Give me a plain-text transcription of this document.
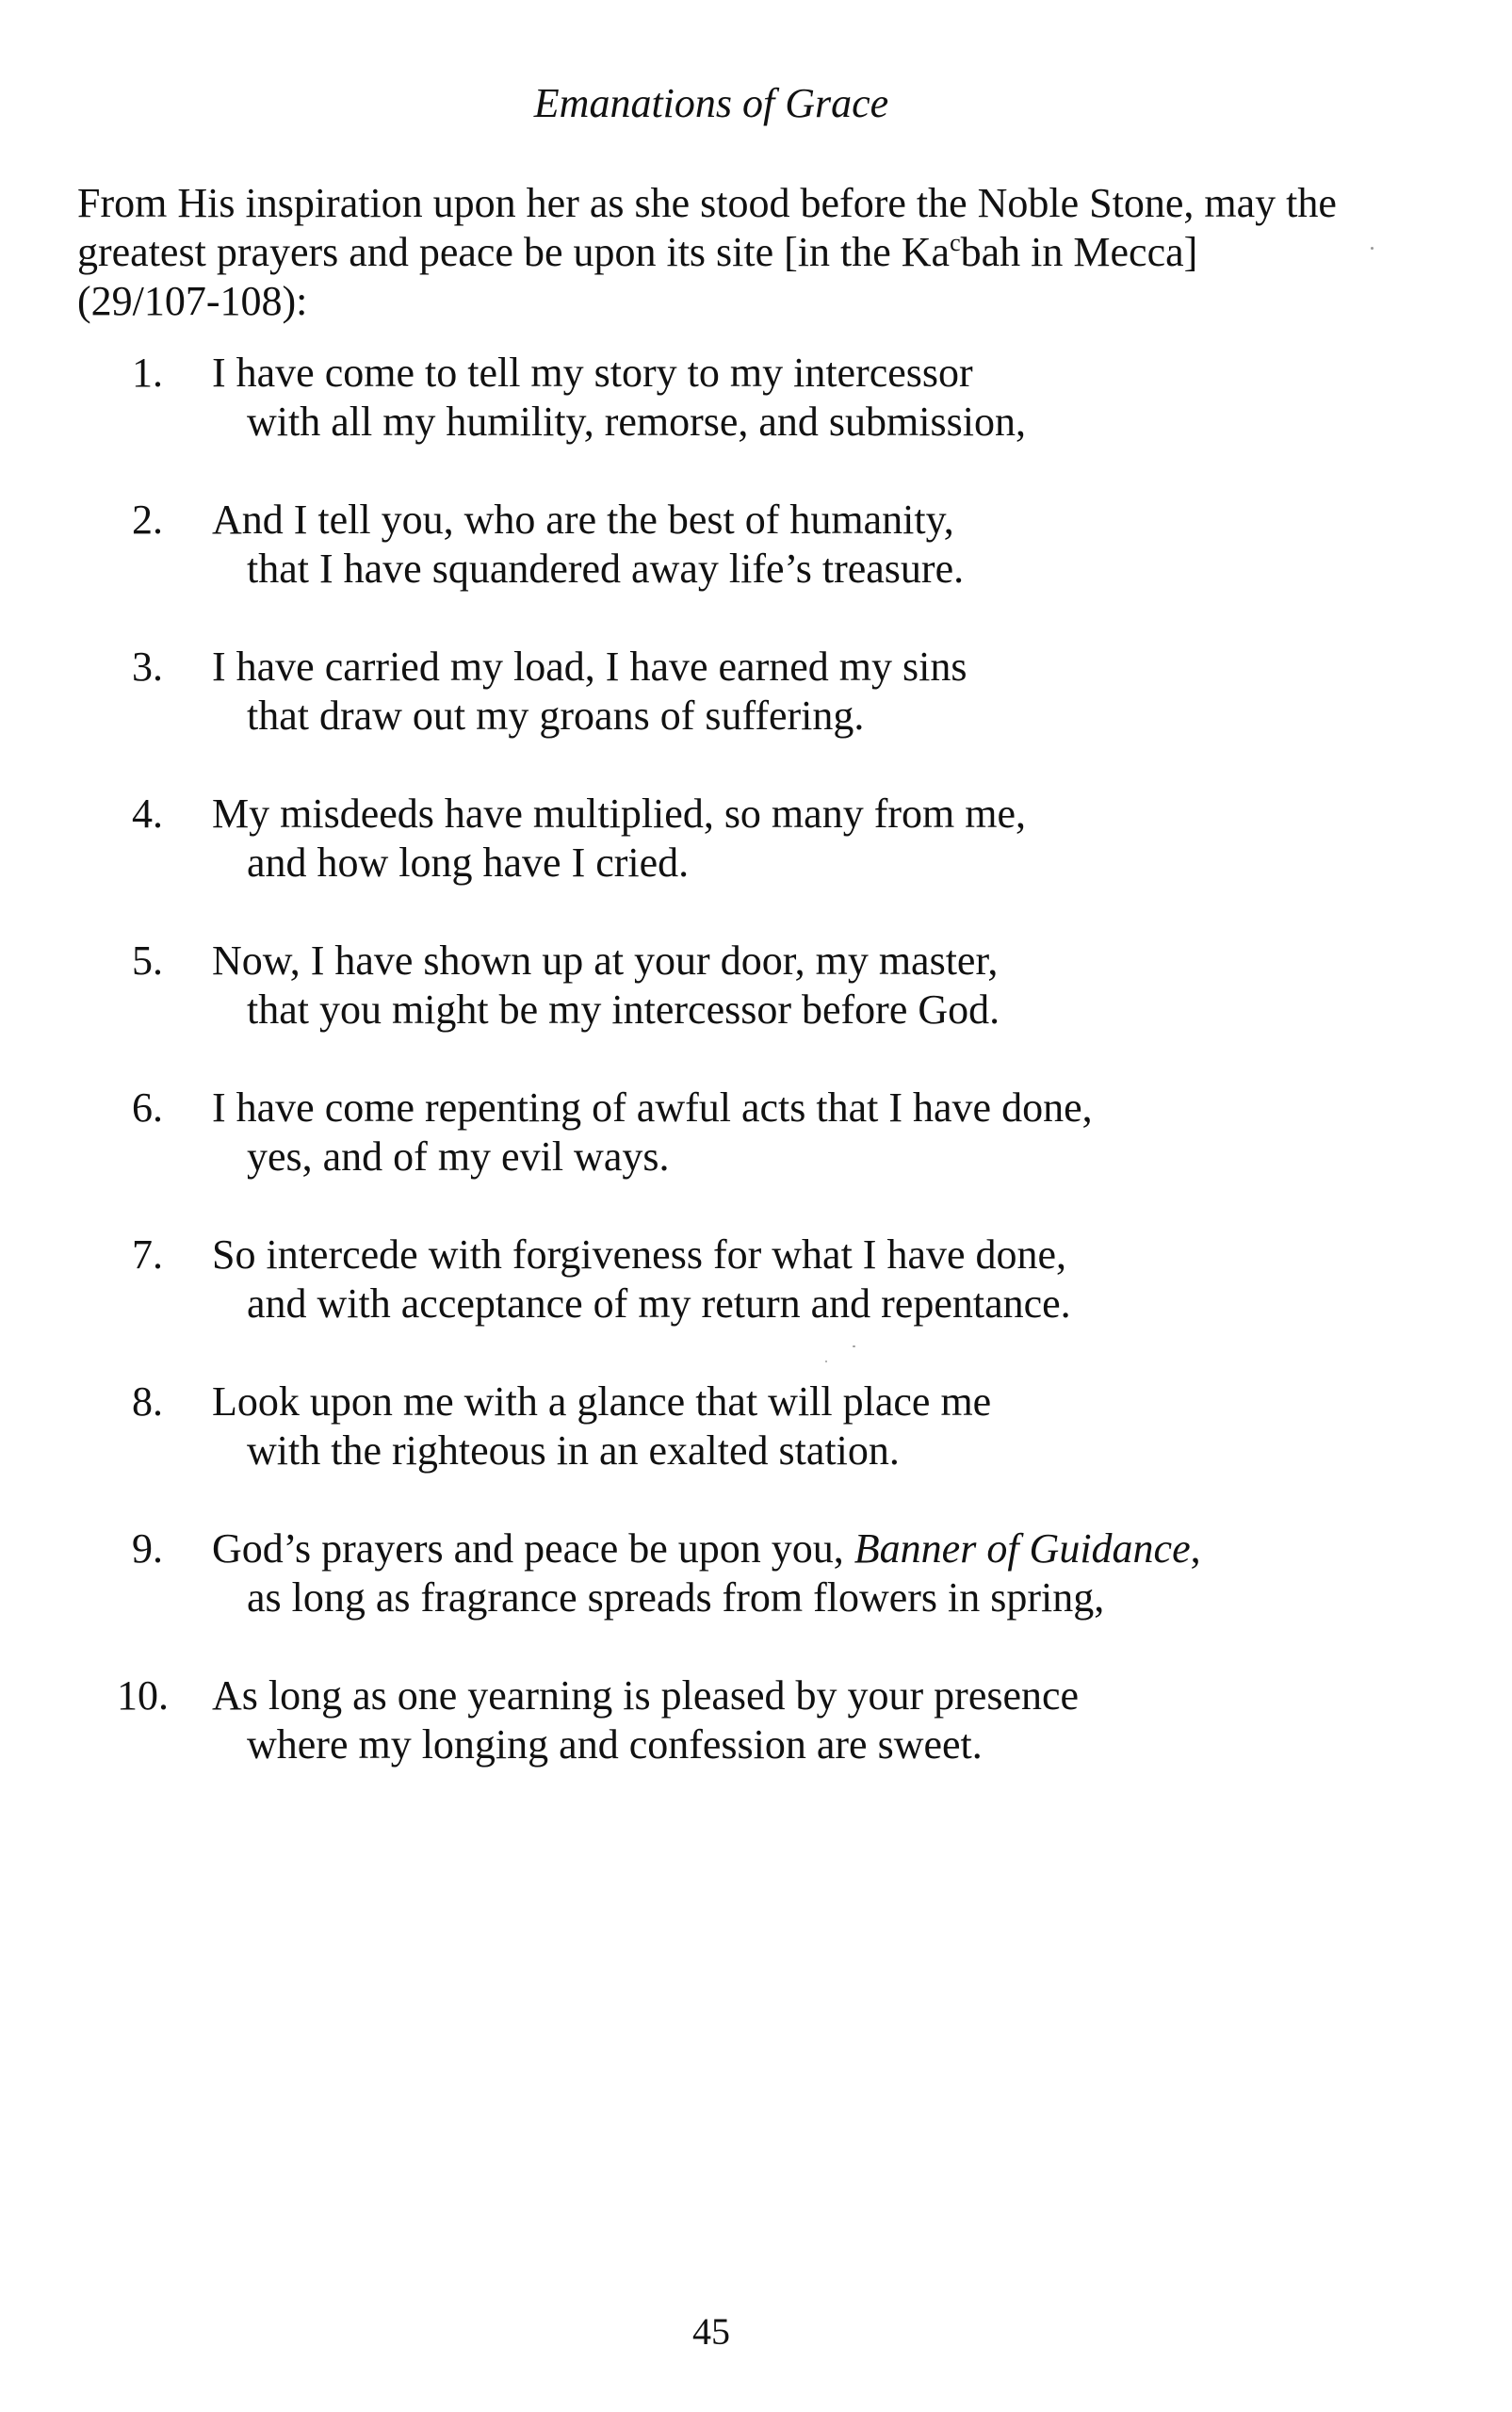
Emanations of Grace

From His inspiration upon her as she stood before the Noble Stone, may the greatest prayers and peace be upon its site [in the Ka$^c$bah in Mecca] (29/107-108):

1.	I have come to tell my story to my intercessor
with all my humility, remorse, and submission,
2.	And I tell you, who are the best of humanity,
that I have squandered away life’s treasure.
3.	I have carried my load, I have earned my sins
that draw out my groans of suffering.
4.	My misdeeds have multiplied, so many from me,
and how long have I cried.
5.	Now, I have shown up at your door, my master,
that you might be my intercessor before God.
6.	I have come repenting of awful acts that I have done,
yes, and of my evil ways.
7.	So intercede with forgiveness for what I have done,
and with acceptance of my return and repentance.
8.	Look upon me with a glance that will place me
with the righteous in an exalted station.
9.	God’s prayers and peace be upon you, Banner of Guidance,
as long as fragrance spreads from flowers in spring,
10. As long as one yearning is pleased by your presence
where my longing and confession are sweet.
45
